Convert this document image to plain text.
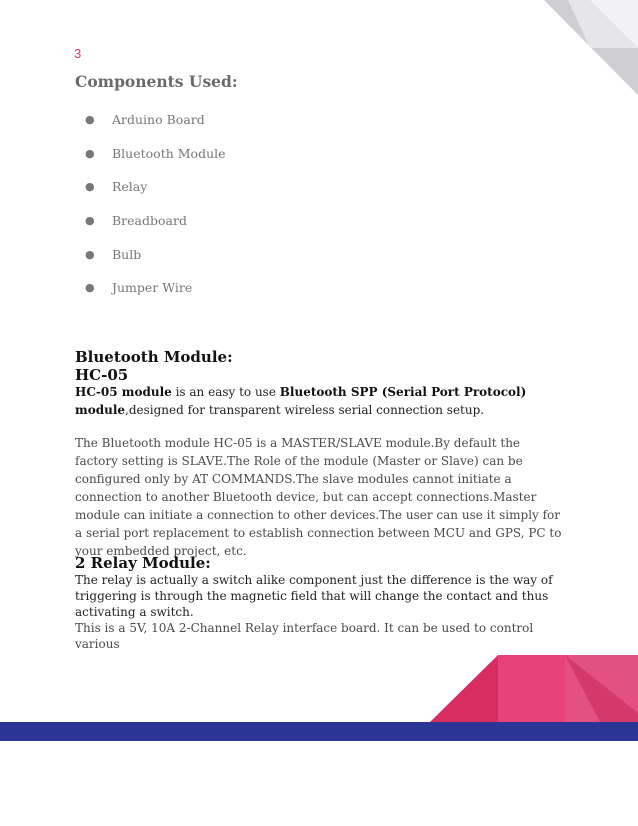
3
Components Used:
●	Arduino Board
●	Bluetooth Module
●	Relay
●	Breadboard
●	Bulb
●	Jumper Wire
Bluetooth Module:
HC-05

HC-05 module is an easy to use Bluetooth SPP (Serial Port Protocol) module,designed for transparent wireless serial connection setup.

The Bluetooth module HC-05 is a MASTER/SLAVE module.By default the factory setting is SLAVE.The Role of the module (Master or Slave) can be configured only by AT COMMANDS.The slave modules cannot initiate a connection to another Bluetooth device, but can accept connections.Master module can initiate a connection to other devices.The user can use it simply for a serial port replacement to establish connection between MCU and GPS, PC to your embedded project, etc.

2 Relay Module:

The relay is actually a switch alike component just the difference is the way of triggering is through the magnetic field that will change the contact and thus activating a switch.

This is a 5V, 10A 2-Channel Relay interface board. It can be used to control various
